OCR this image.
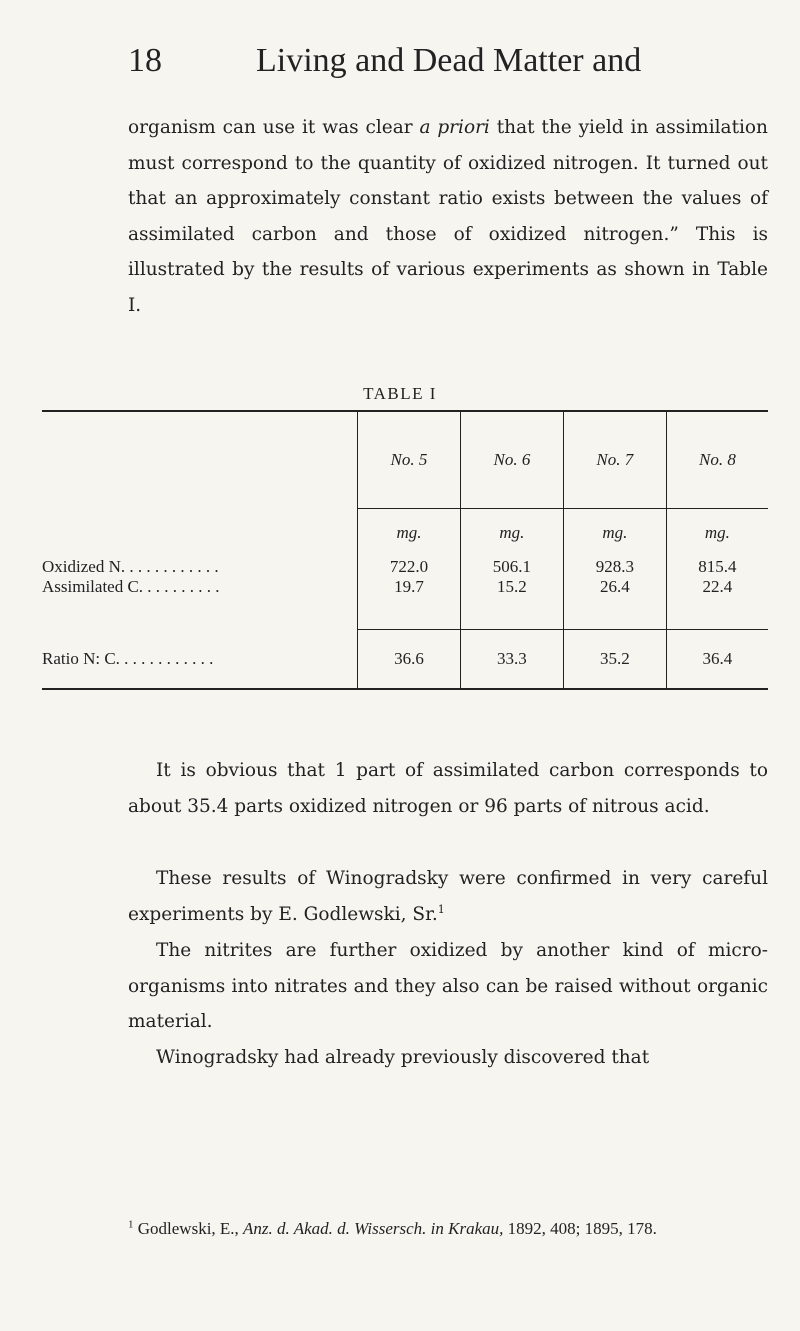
18	Living and Dead Matter and

organism can use it was clear a priori that the yield in assimilation must correspond to the quantity of oxidized nitrogen. It turned out that an approximately constant ratio exists between the values of assimilated carbon and those of oxidized nitrogen.” This is illustrated by the results of various experiments as shown in Table I.

TABLE I
	No. 5	No. 6	No. 7	No. 8
	mg.	mg.	mg.	mg.
Oxidized N. . . . . . . . . . . .	722.0	506.1	928.3	815.4
Assimilated C. . . . . . . . . .	19.7	15.2	26.4	22.4
Ratio N: C. . . . . . . . . . . .	36.6	33.3	35.2	36.4

It is obvious that 1 part of assimilated carbon corresponds to about 35.4 parts oxidized nitrogen or 96 parts of nitrous acid.

These results of Winogradsky were confirmed in very careful experiments by E. Godlewski, Sr.$^1$

The nitrites are further oxidized by another kind of micro-organisms into nitrates and they also can be raised without organic material.

Winogradsky had already previously discovered that

$^1$ Godlewski, E., Anz. d. Akad. d. Wissersch. in Krakau, 1892, 408; 1895, 178.
